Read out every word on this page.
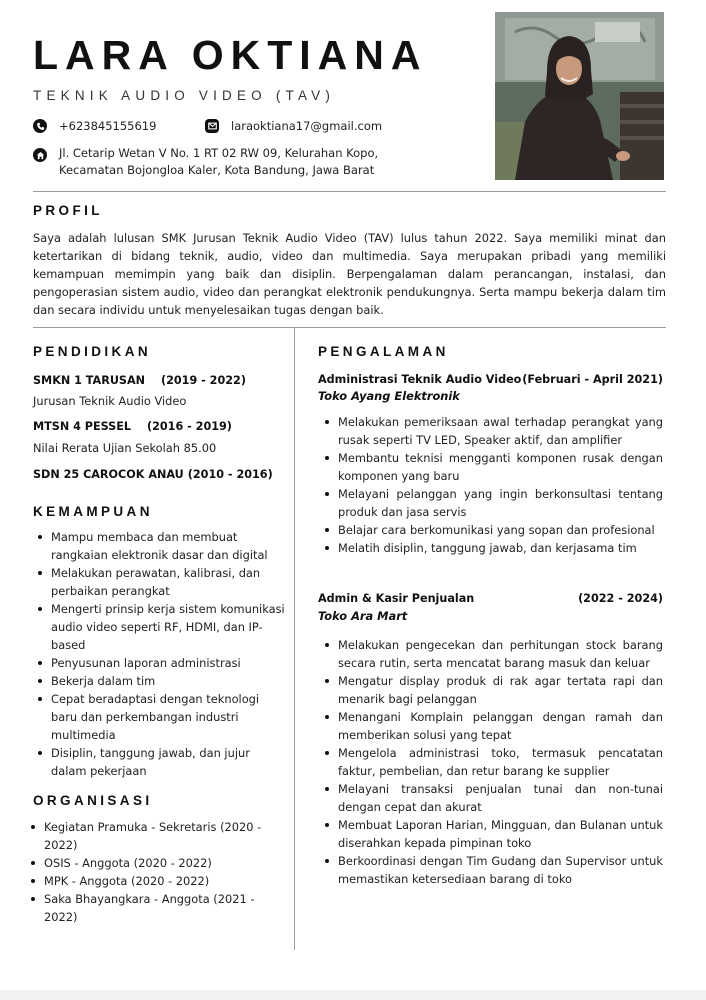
LARA OKTIANA
TEKNIK AUDIO VIDEO (TAV)
+623845155619	laraoktiana17@gmail.com
Jl. Cetarip Wetan V No. 1 RT 02 RW 09, Kelurahan Kopo,
Kecamatan Bojongloa Kaler, Kota Bandung, Jawa Barat
PROFIL

Saya adalah lulusan SMK Jurusan Teknik Audio Video (TAV) lulus tahun 2022. Saya memiliki minat dan ketertarikan di bidang teknik, audio, video dan multimedia. Saya merupakan pribadi yang memiliki kemampuan memimpin yang baik dan disiplin. Berpengalaman dalam perancangan, instalasi, dan pengoperasian sistem audio, video dan perangkat elektronik pendukungnya. Serta mampu bekerja dalam tim dan secara individu untuk menyelesaikan tugas dengan baik.

PENDIDIKAN
SMKN 1 TARUSAN (2019 - 2022)
Jurusan Teknik Audio Video
MTSN 4 PESSEL (2016 - 2019)
Nilai Rerata Ujian Sekolah 85.00
SDN 25 CAROCOK ANAU (2010 - 2016)
KEMAMPUAN
Mampu membaca dan membuat rangkaian elektronik dasar dan digital
Melakukan perawatan, kalibrasi, dan perbaikan perangkat
Mengerti prinsip kerja sistem komunikasi audio video seperti RF, HDMI, dan IP-based
Penyusunan laporan administrasi
Bekerja dalam tim
Cepat beradaptasi dengan teknologi baru dan perkembangan industri multimedia
Disiplin, tanggung jawab, dan jujur dalam pekerjaan
ORGANISASI
Kegiatan Pramuka - Sekretaris (2020 - 2022)
OSIS - Anggota (2020 - 2022)
MPK - Anggota (2020 - 2022)
Saka Bhayangkara - Anggota (2021 - 2022)
PENGALAMAN
Administrasi Teknik Audio Video (Februari - April 2021)
Toko Ayang Elektronik
Melakukan pemeriksaan awal terhadap perangkat yang rusak seperti TV LED, Speaker aktif, dan amplifier
Membantu teknisi mengganti komponen rusak dengan komponen yang baru
Melayani pelanggan yang ingin berkonsultasi tentang produk dan jasa servis
Belajar cara berkomunikasi yang sopan dan profesional
Melatih disiplin, tanggung jawab, dan kerjasama tim
Admin & Kasir Penjualan	(2022 - 2024)
Toko Ara Mart
Melakukan pengecekan dan perhitungan stock barang secara rutin, serta mencatat barang masuk dan keluar
Mengatur display produk di rak agar tertata rapi dan menarik bagi pelanggan
Menangani Komplain pelanggan dengan ramah dan memberikan solusi yang tepat
Mengelola administrasi toko, termasuk pencatatan faktur, pembelian, dan retur barang ke supplier
Melayani transaksi penjualan tunai dan non-tunai dengan cepat dan akurat
Membuat Laporan Harian, Mingguan, dan Bulanan untuk diserahkan kepada pimpinan toko
Berkoordinasi dengan Tim Gudang dan Supervisor untuk memastikan ketersediaan barang di toko
